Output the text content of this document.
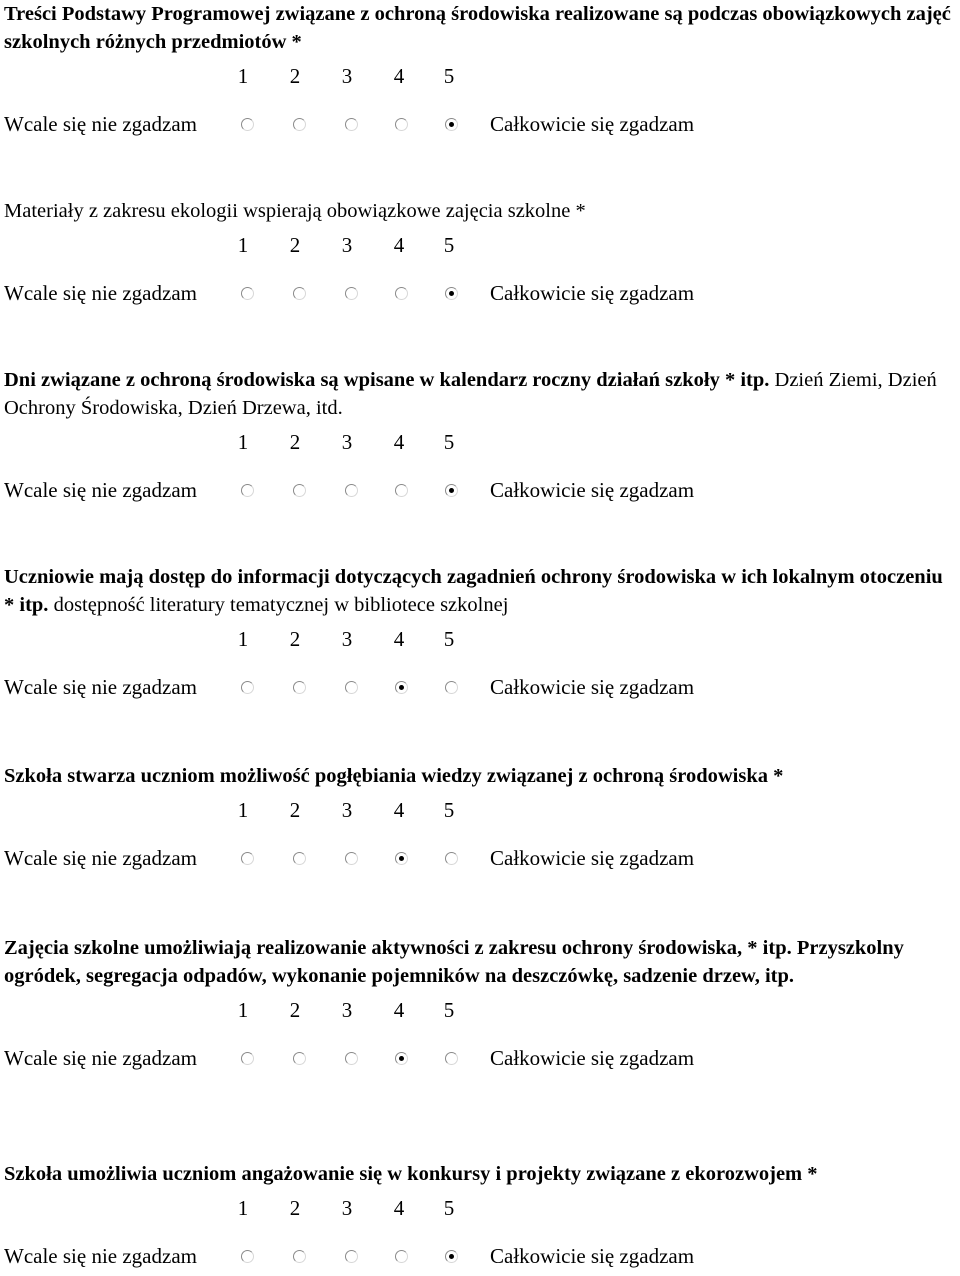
Treści Podstawy Programowej związane z ochroną środowiska realizowane są podczas obowiązkowych zajęć szkolnych różnych przedmiotów *

1 2 3 4 5
Wcale się nie zgadzam	Całkowicie się zgadzam

Materiały z zakresu ekologii wspierają obowiązkowe zajęcia szkolne *

1 2 3 4 5
Wcale się nie zgadzam	Całkowicie się zgadzam

Dni związane z ochroną środowiska są wpisane w kalendarz roczny działań szkoły * itp. Dzień Ziemi, Dzień Ochrony Środowiska, Dzień Drzewa, itd.

1 2 3 4 5
Wcale się nie zgadzam	Całkowicie się zgadzam

Uczniowie mają dostęp do informacji dotyczących zagadnień ochrony środowiska w ich lokalnym otoczeniu * itp. dostępność literatury tematycznej w bibliotece szkolnej

1 2 3 4 5
Wcale się nie zgadzam	Całkowicie się zgadzam

Szkoła stwarza uczniom możliwość pogłębiania wiedzy związanej z ochroną środowiska *

1 2 3 4 5
Wcale się nie zgadzam	Całkowicie się zgadzam

Zajęcia szkolne umożliwiają realizowanie aktywności z zakresu ochrony środowiska, * itp. Przyszkolny ogródek, segregacja odpadów, wykonanie pojemników na deszczówkę, sadzenie drzew, itp.

1 2 3 4 5
Wcale się nie zgadzam	Całkowicie się zgadzam

Szkoła umożliwia uczniom angażowanie się w konkursy i projekty związane z ekorozwojem *

1 2 3 4 5
Wcale się nie zgadzam	Całkowicie się zgadzam
